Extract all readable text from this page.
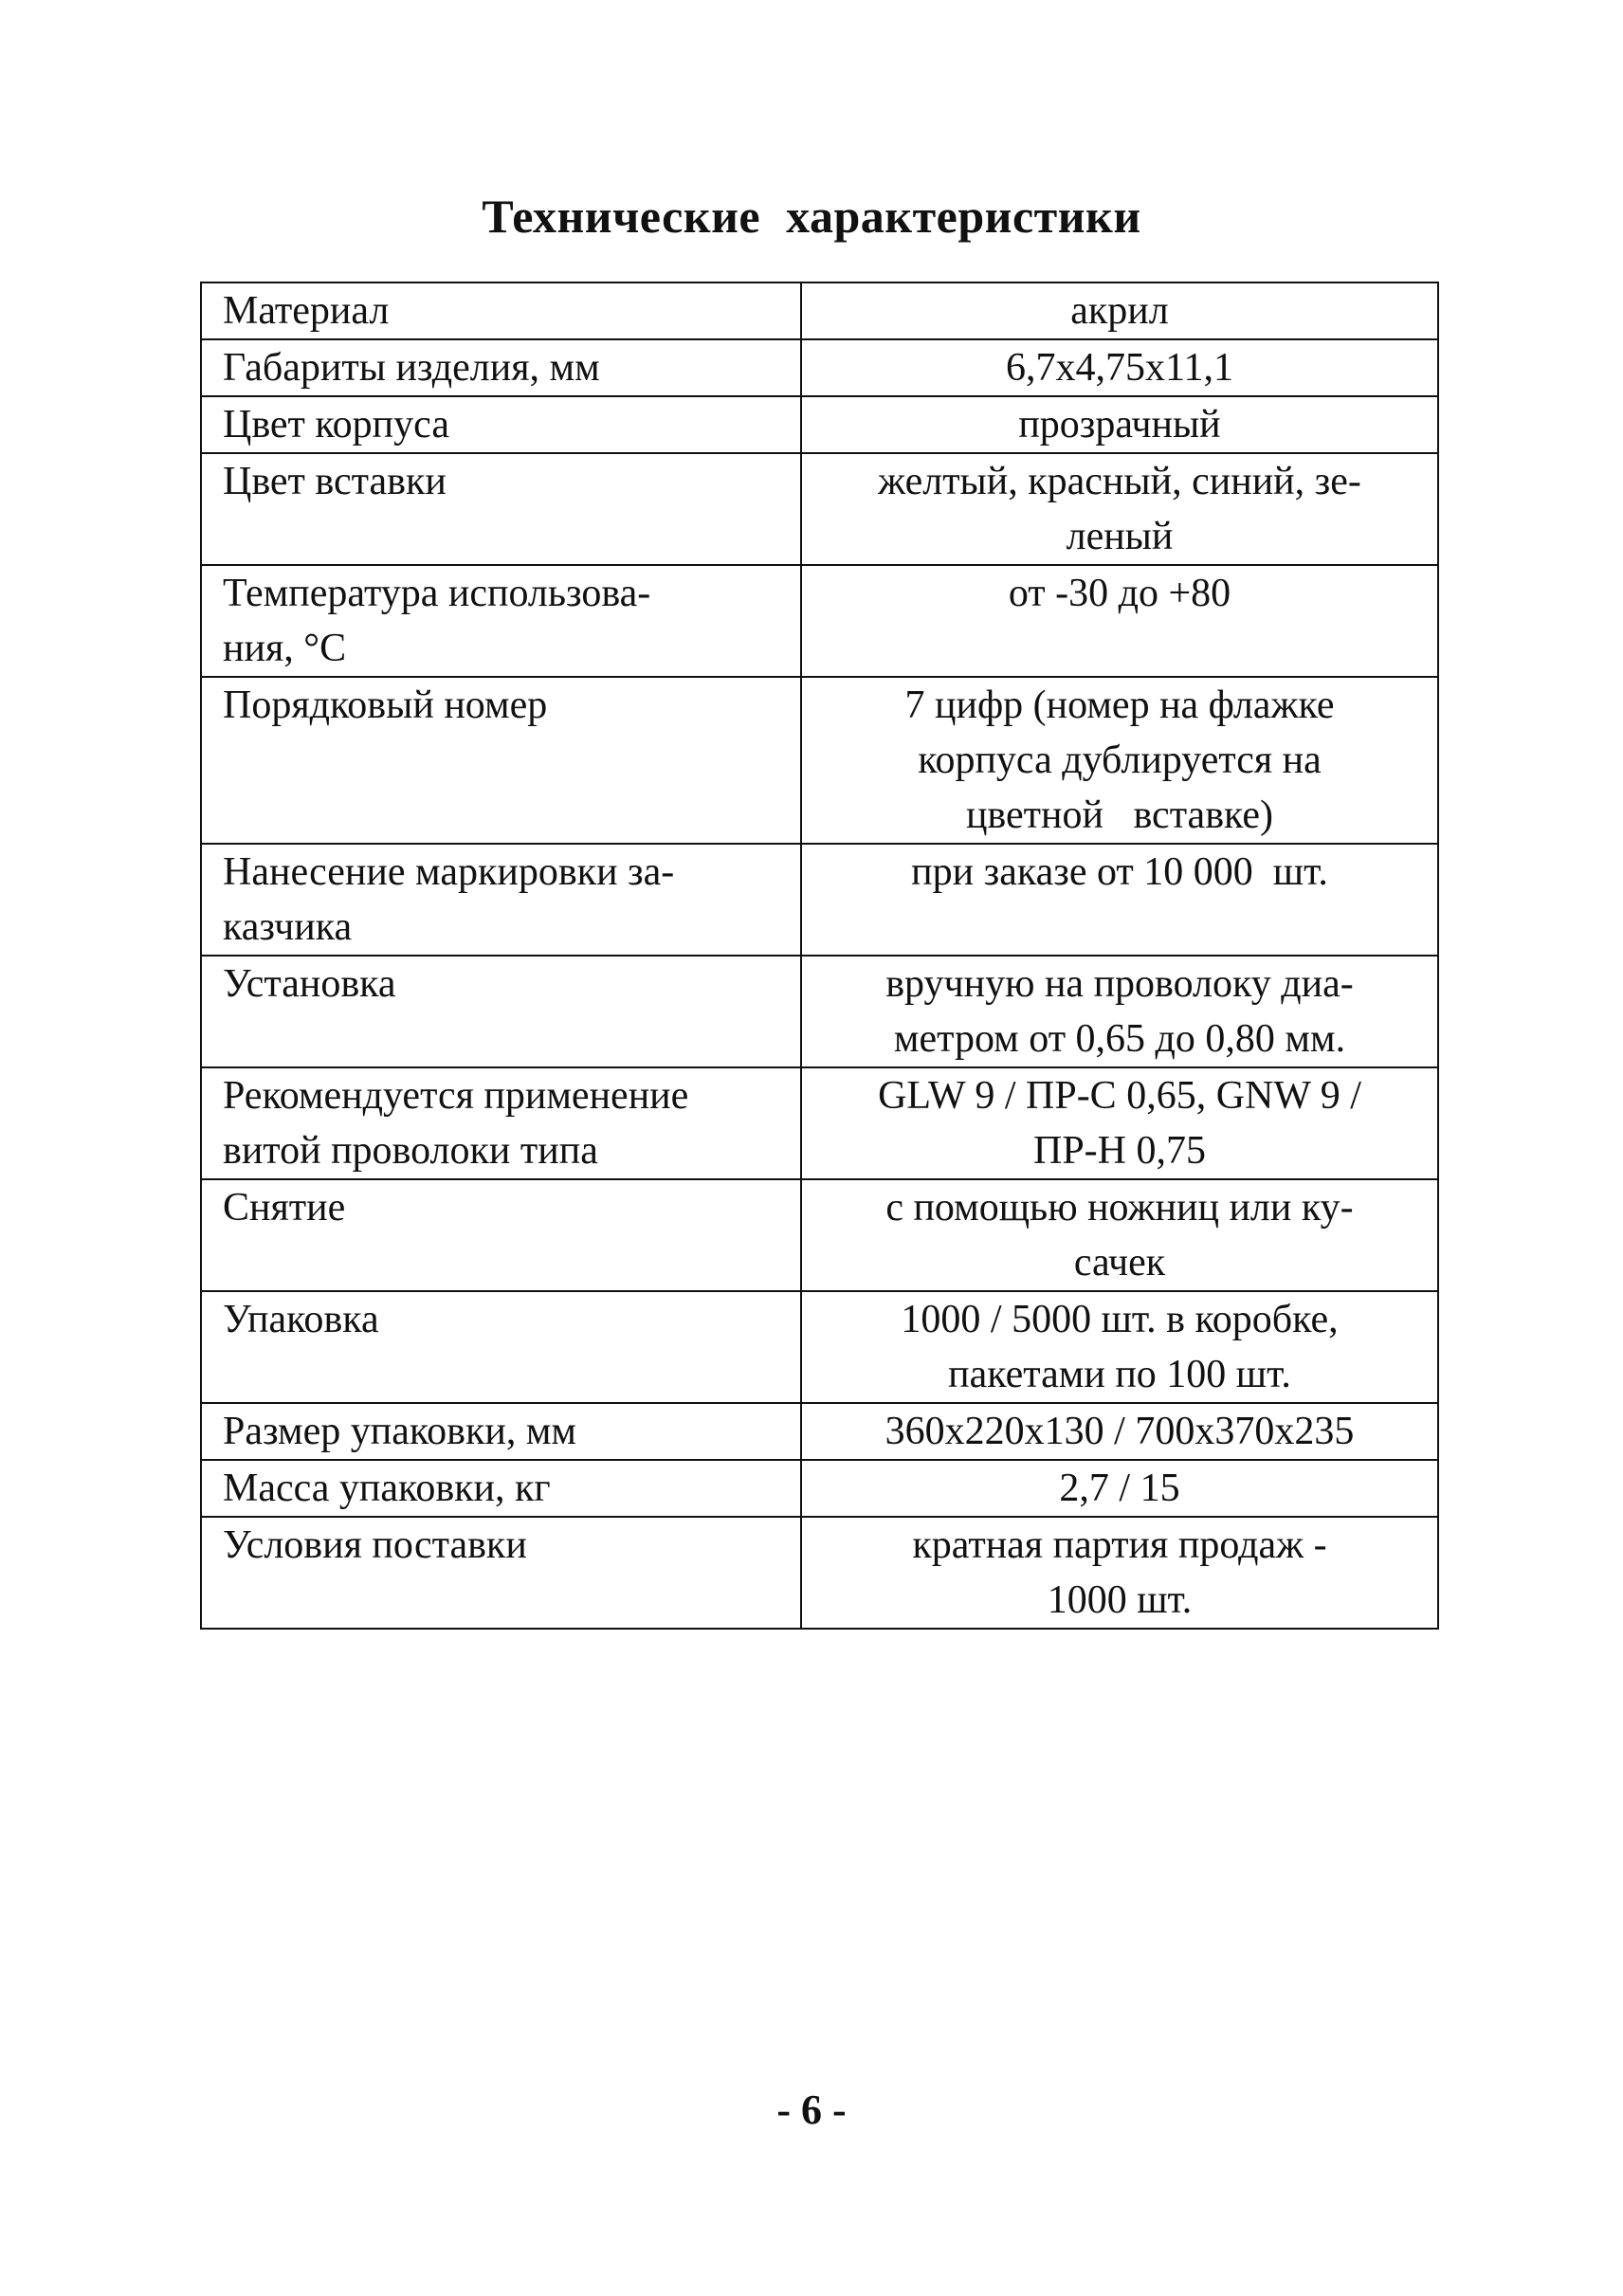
Технические характеристики
Материал	акрил

Габариты изделия, мм	6,7х4,75х11,1

Цвет корпуса	прозрачный

Цвет вставки	желтый, красный, синий, зе-
леный

Температура использова-
ния, °С	от -30 до +80

Порядковый номер	7 цифр (номер на флажке
корпуса дублируется на
цветной   вставке)

Нанесение маркировки за-
казчика	при заказе от 10 000  шт.

Установка	вручную на проволоку диа-
метром от 0,65 до 0,80 мм.

Рекомендуется применение
витой проволоки типа	GLW 9 / ПР-С 0,65, GNW 9 /
ПР-Н 0,75

Снятие	с помощью ножниц или ку-
сачек

Упаковка	1000 / 5000 шт. в коробке,
пакетами по 100 шт.

Размер упаковки, мм	360х220х130 / 700х370х235

Масса упаковки, кг	2,7 / 15

Условия поставки	кратная партия продаж -
1000 шт.
- 6 -
